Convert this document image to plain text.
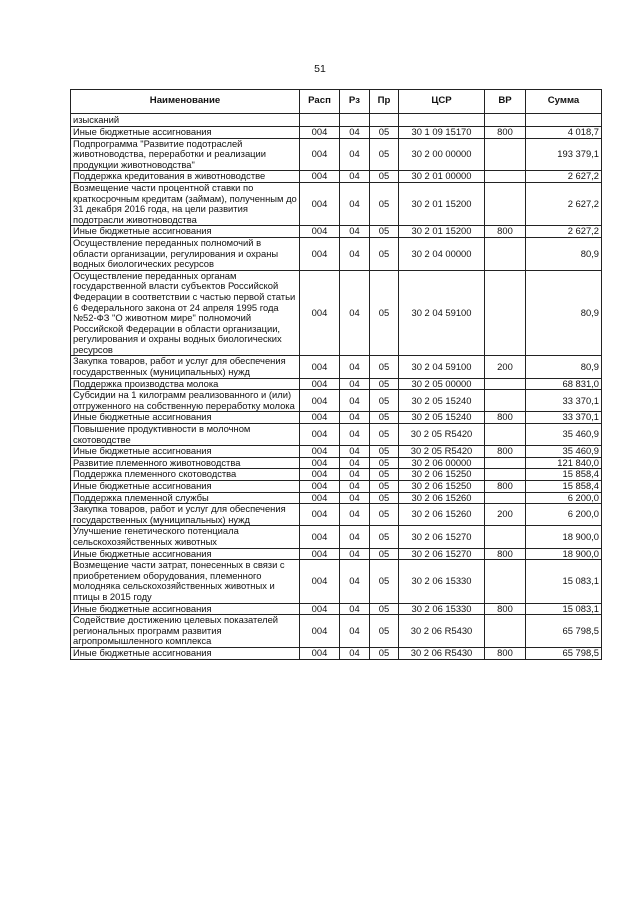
51
Наименование	Расп	Рз	Пр	ЦСР	ВР	Сумма
изысканий						
Иные бюджетные ассигнования	004	04	05	30 1 09 15170	800	4 018,7
Подпрограмма "Развитие подотраслей животноводства, переработки и реализации продукции животноводства"	004	04	05	30 2 00 00000		193 379,1
Поддержка кредитования в животноводстве	004	04	05	30 2 01 00000		2 627,2
Возмещение части процентной ставки по краткосрочным кредитам (займам), полученным до 31 декабря 2016 года, на цели развития подотрасли животноводства	004	04	05	30 2 01 15200		2 627,2
Иные бюджетные ассигнования	004	04	05	30 2 01 15200	800	2 627,2
Осуществление переданных полномочий в области организации, регулирования и охраны водных биологических ресурсов	004	04	05	30 2 04 00000		80,9
Осуществление переданных органам государственной власти субъектов Российской Федерации в соответствии с частью первой статьи 6 Федерального закона от 24 апреля 1995 года №52-ФЗ "О животном мире" полномочий Российской Федерации в области организации, регулирования и охраны водных биологических ресурсов	004	04	05	30 2 04 59100		80,9
Закупка товаров, работ и услуг для обеспечения государственных (муниципальных) нужд	004	04	05	30 2 04 59100	200	80,9
Поддержка производства молока	004	04	05	30 2 05 00000		68 831,0
Субсидии на 1 килограмм реализованного и (или) отгруженного на собственную переработку молока	004	04	05	30 2 05 15240		33 370,1
Иные бюджетные ассигнования	004	04	05	30 2 05 15240	800	33 370,1
Повышение продуктивности в молочном скотоводстве	004	04	05	30 2 05 R5420		35 460,9
Иные бюджетные ассигнования	004	04	05	30 2 05 R5420	800	35 460,9
Развитие племенного животноводства	004	04	05	30 2 06 00000		121 840,0
Поддержка племенного скотоводства	004	04	05	30 2 06 15250		15 858,4
Иные бюджетные ассигнования	004	04	05	30 2 06 15250	800	15 858,4
Поддержка племенной службы	004	04	05	30 2 06 15260		6 200,0
Закупка товаров, работ и услуг для обеспечения государственных (муниципальных) нужд	004	04	05	30 2 06 15260	200	6 200,0
Улучшение генетического потенциала сельскохозяйственных животных	004	04	05	30 2 06 15270		18 900,0
Иные бюджетные ассигнования	004	04	05	30 2 06 15270	800	18 900,0
Возмещение части затрат, понесенных в связи с приобретением оборудования, племенного молодняка сельскохозяйственных животных и птицы в 2015 году	004	04	05	30 2 06 15330		15 083,1
Иные бюджетные ассигнования	004	04	05	30 2 06 15330	800	15 083,1
Содействие достижению целевых показателей региональных программ развития агропромышленного комплекса	004	04	05	30 2 06 R5430		65 798,5
Иные бюджетные ассигнования	004	04	05	30 2 06 R5430	800	65 798,5
